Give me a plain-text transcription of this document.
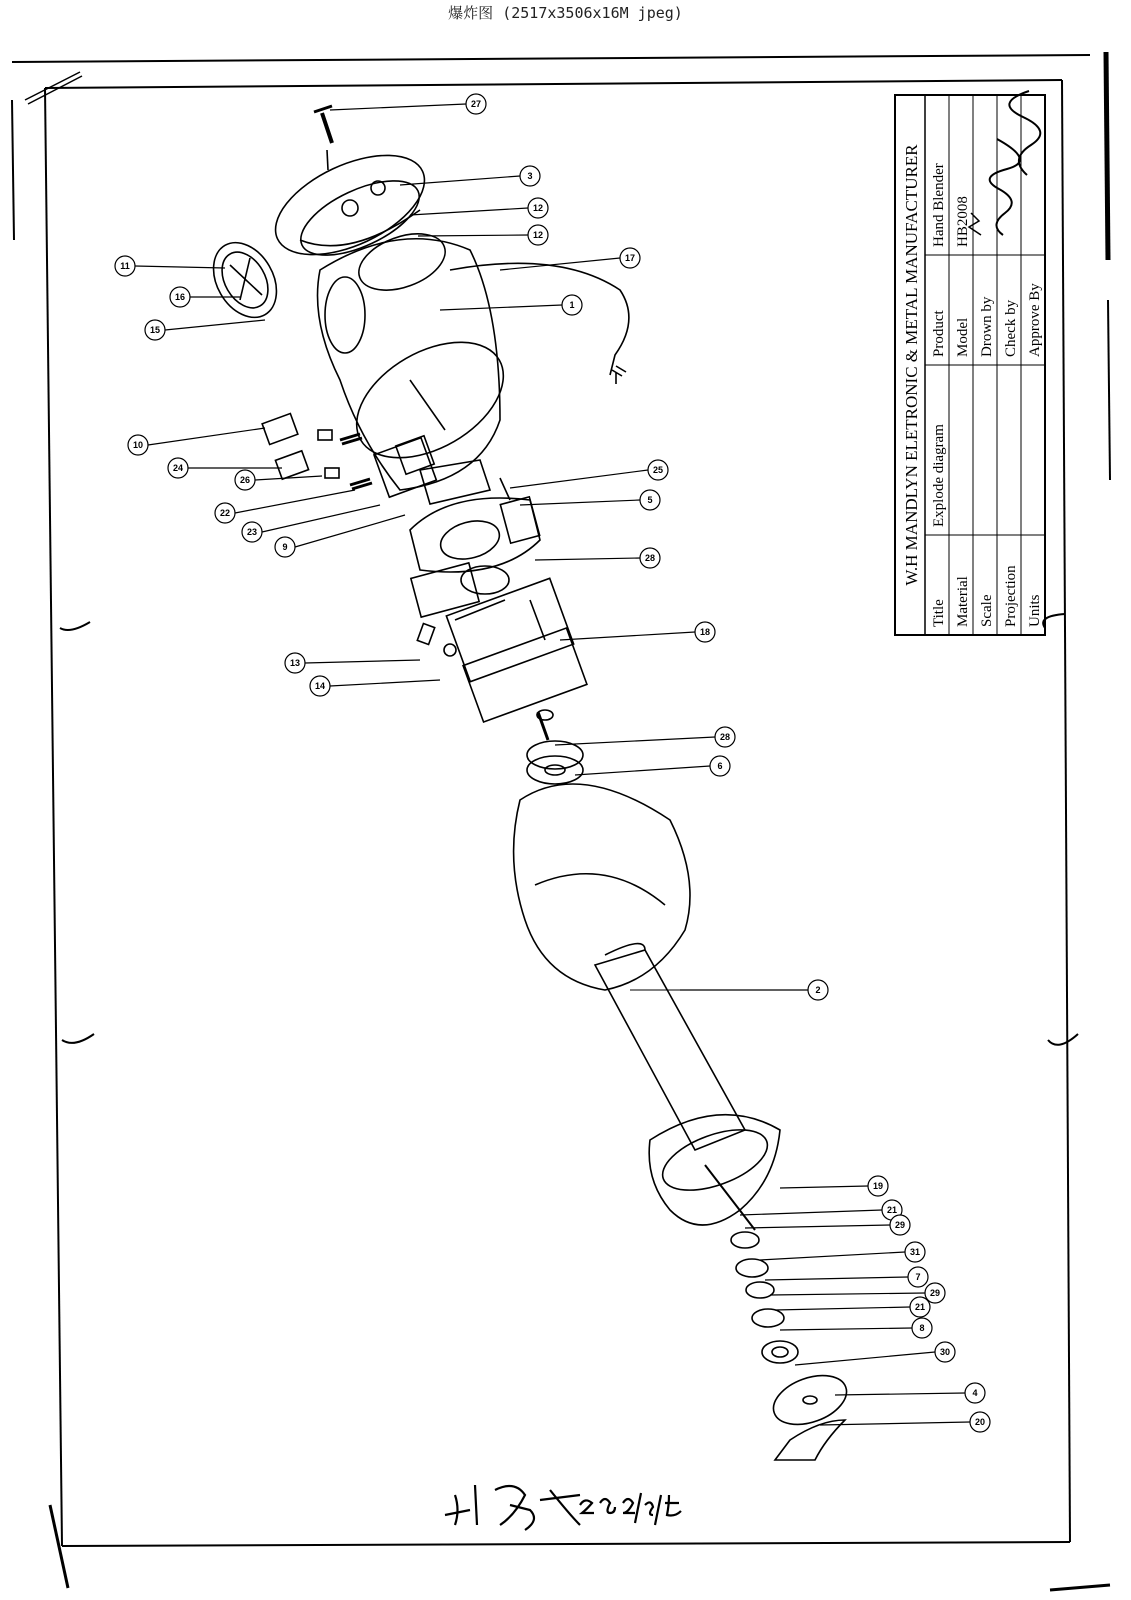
爆炸图 (2517x3506x16M jpeg)
W.H MANDLYN ELETRONIC & METAL MANUFACTURER
Title
Explode diagram
Product
Hand Blender
Material
Model
HB2008
Scale
Drown by
Projection
Check by
Units
Approve By
27
3
12
12
17
11
16
15
1
10
24
26
22
23
9
25
5
28
18
13
14
28
6
2
19
21
29
31
7
29
21
8
30
4
20
